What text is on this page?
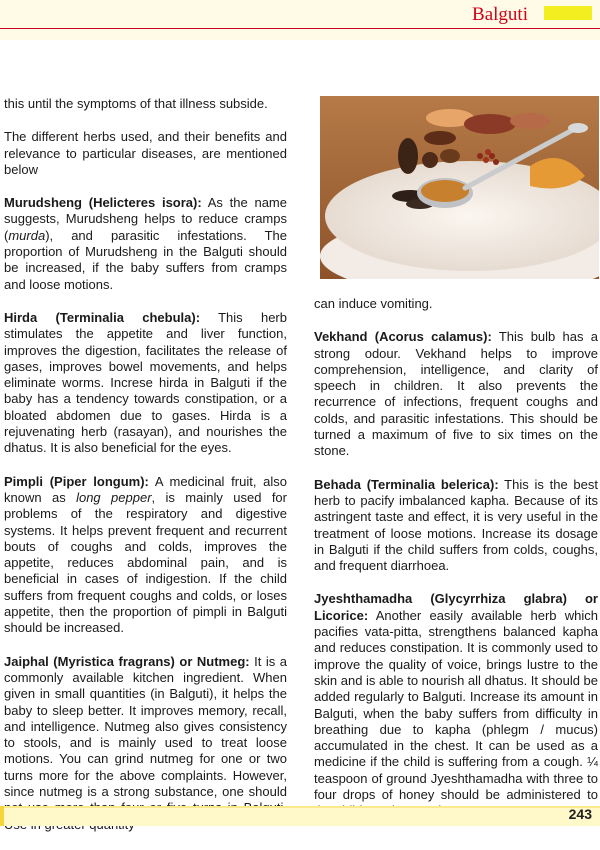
Balguti

this until the symptoms of that illness subside.

The different herbs used, and their benefits and relevance to particular diseases, are mentioned below

Murudsheng (Helicteres isora): As the name suggests, Murudsheng helps to reduce cramps (murda), and parasitic infestations. The proportion of Murudsheng in the Balguti should be increased, if the baby suffers from cramps and loose motions.

Hirda (Terminalia chebula): This herb stimulates the appetite and liver function, improves the digestion, facilitates the release of gases, improves bowel movements, and helps eliminate worms. Increse hirda in Balguti if the baby has a tendency towards constipation, or a bloated abdomen due to gases. Hirda is a rejuvenating herb (rasayan), and nourishes the dhatus. It is also beneficial for the eyes.

Pimpli (Piper longum): A medicinal fruit, also known as long pepper, is mainly used for problems of the respiratory and digestive systems. It helps prevent frequent and recurrent bouts of coughs and colds, improves the appetite, reduces abdominal pain, and is beneficial in cases of indigestion. If the child suffers from frequent coughs and colds, or loses appetite, then the proportion of pimpli in Balguti should be increased.

Jaiphal (Myristica fragrans) or Nutmeg: It is a commonly available kitchen ingredient. When given in small quantities (in Balguti), it helps the baby to sleep better. It improves memory, recall, and intelligence. Nutmeg also gives consistency to stools, and is mainly used to treat loose motions. You can grind nutmeg for one or two turns more for the above complaints. However, since nutmeg is a strong substance, one should

can induce vomiting.

Vekhand (Acorus calamus): This bulb has a strong odour. Vekhand helps to improve comprehension, intelligence, and clarity of speech in children. It also prevents the recurrence of infections, frequent coughs and colds, and parasitic infestations. This should be turned a maximum of five to six times on the stone.

Behada (Terminalia belerica): This is the best herb to pacify imbalanced kapha. Because of its astringent taste and effect, it is very useful in the treatment of loose motions. Increase its dosage in Balguti if the child suffers from colds, coughs, and frequent diarrhoea.

Jyeshthamadha (Glycyrrhiza glabra) or Licorice: Another easily available herb which pacifies vata-pitta, strengthens balanced kapha and reduces constipation. It is commonly used to improve the quality of voice, brings lustre to the skin and is able to nourish all dhatus. It should be added regularly to Balguti. Increase its amount in Balguti, when the baby suffers from difficulty in breathing due to kapha (phlegm / mucus) accumulated in the chest. It can be used as a medicine if the child is suffering from a cough. ¼ teaspoon of ground Jyeshthamadha with three to four drops of honey should be administered to

243
